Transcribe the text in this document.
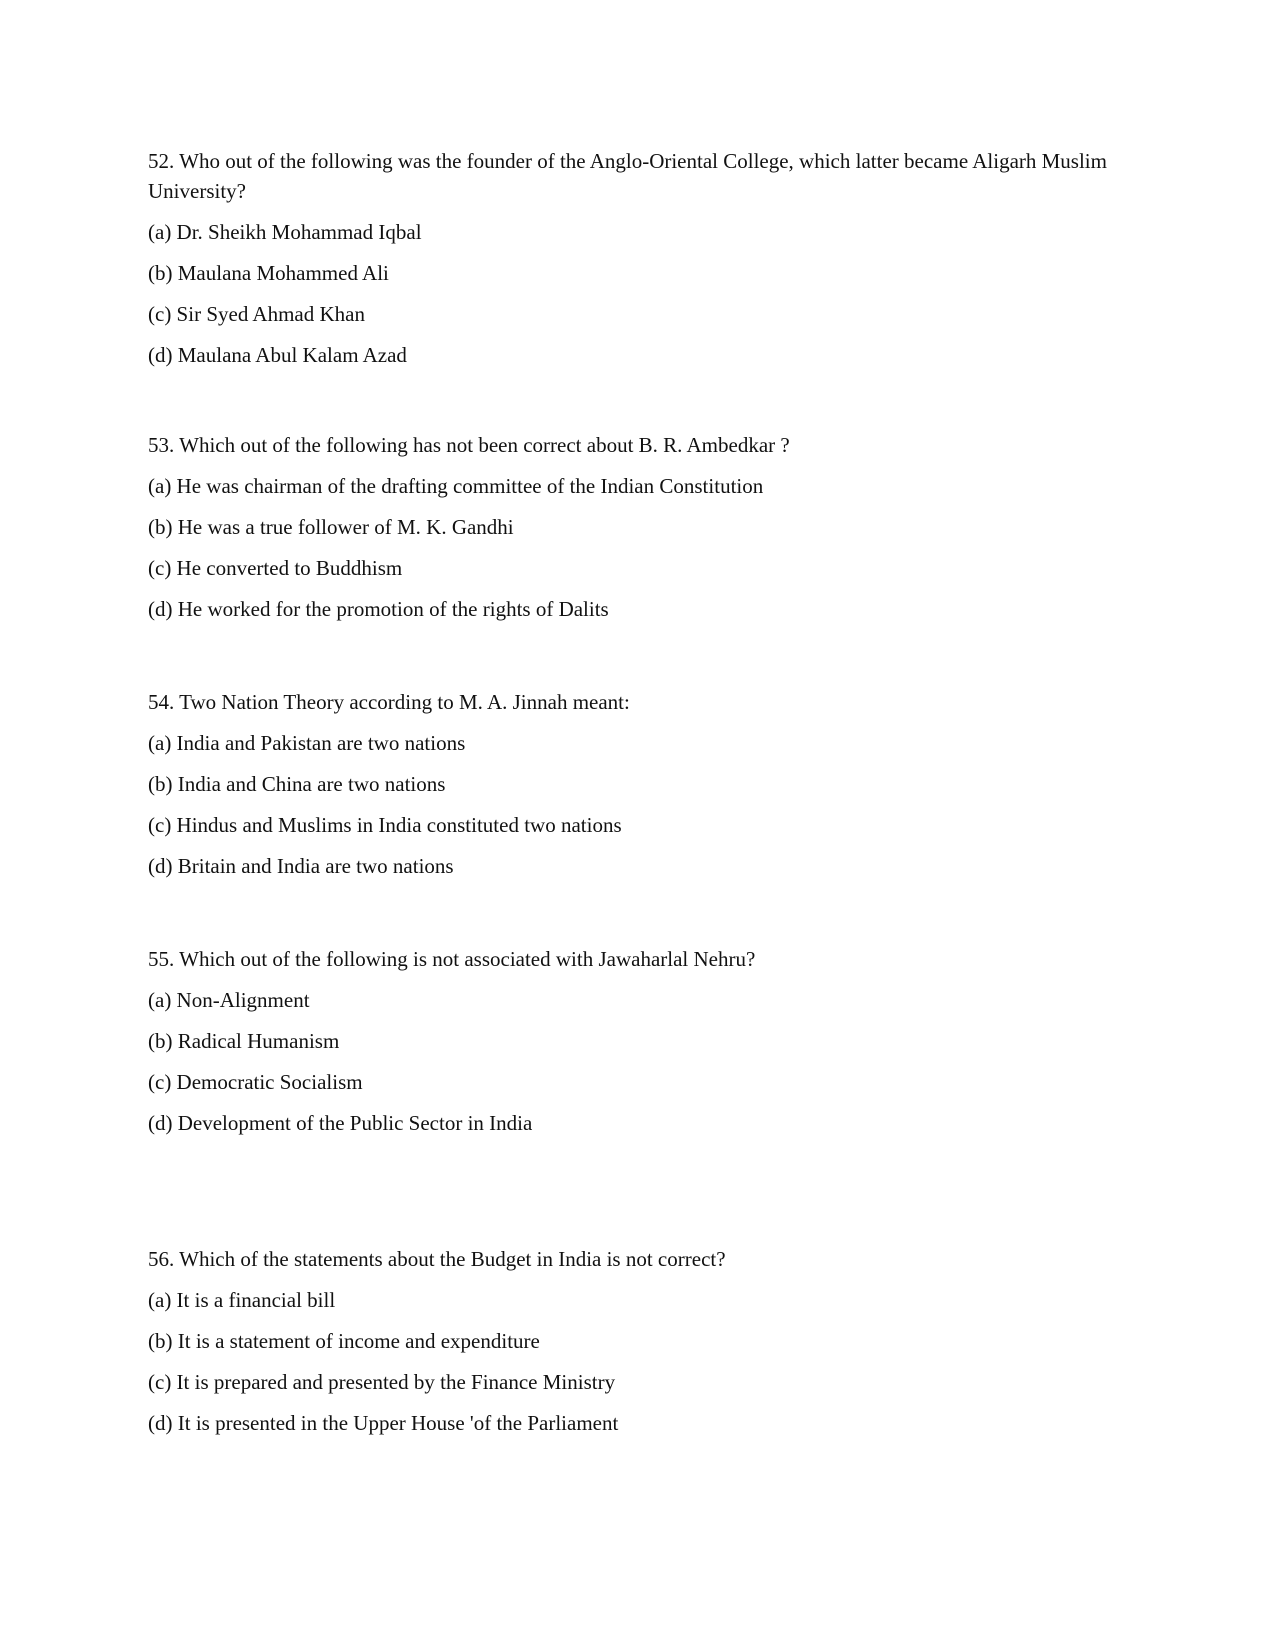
52. Who out of the following was the founder of the Anglo-Oriental College, which latter became Aligarh Muslim University?

(a) Dr. Sheikh Mohammad Iqbal

(b) Maulana Mohammed Ali

(c) Sir Syed Ahmad Khan

(d) Maulana Abul Kalam Azad

53. Which out of the following has not been correct about B. R. Ambedkar ?

(a) He was chairman of the drafting committee of the Indian Constitution

(b) He was a true follower of M. K. Gandhi

(c) He converted to Buddhism

(d) He worked for the promotion of the rights of Dalits

54. Two Nation Theory according to M. A. Jinnah meant:

(a) India and Pakistan are two nations

(b) India and China are two nations

(c) Hindus and Muslims in India constituted two nations

(d) Britain and India are two nations

55. Which out of the following is not associated with Jawaharlal Nehru?

(a) Non-Alignment

(b) Radical Humanism

(c) Democratic Socialism

(d) Development of the Public Sector in India

56. Which of the statements about the Budget in India is not correct?

(a) It is a financial bill

(b) It is a statement of income and expenditure

(c) It is prepared and presented by the Finance Ministry

(d) It is presented in the Upper House 'of the Parliament
